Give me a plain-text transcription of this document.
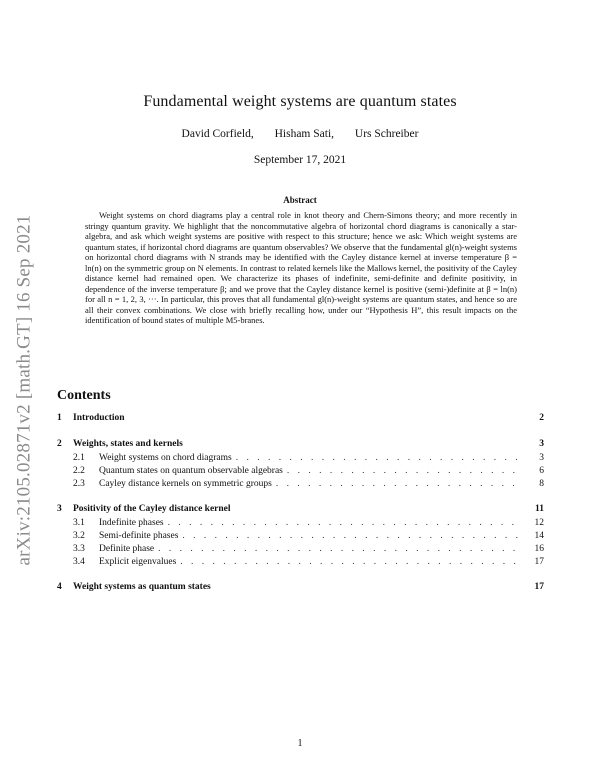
arXiv:2105.02871v2 [math.GT] 16 Sep 2021
Fundamental weight systems are quantum states
David Corfield, Hisham Sati, Urs Schreiber
September 17, 2021
Abstract

Weight systems on chord diagrams play a central role in knot theory and Chern-Simons theory; and more recently in stringy quantum gravity. We highlight that the noncommutative algebra of horizontal chord diagrams is canonically a star-algebra, and ask which weight systems are positive with respect to this structure; hence we ask: Which weight systems are quantum states, if horizontal chord diagrams are quantum observables? We observe that the fundamental gl(n)-weight systems on horizontal chord diagrams with N strands may be identified with the Cayley distance kernel at inverse temperature β = ln(n) on the symmetric group on N elements. In contrast to related kernels like the Mallows kernel, the positivity of the Cayley distance kernel had remained open. We characterize its phases of indefinite, semi-definite and definite positivity, in dependence of the inverse temperature β; and we prove that the Cayley distance kernel is positive (semi-)definite at β = ln(n) for all n = 1, 2, 3, ···. In particular, this proves that all fundamental gl(n)-weight systems are quantum states, and hence so are all their convex combinations. We close with briefly recalling how, under our “Hypothesis H”, this result impacts on the identification of bound states of multiple M5-branes.

Contents
1	Introduction	2
2	Weights, states and kernels	3
2.1	Weight systems on chord diagrams . . .	3
2.2	Quantum states on quantum observable algebras . . .	6
2.3	Cayley distance kernels on symmetric groups . . .	8
3	Positivity of the Cayley distance kernel	11
3.1	Indefinite phases . . .	12
3.2	Semi-definite phases . . .	14
3.3	Definite phase . . .	16
3.4	Explicit eigenvalues . . .	17
4	Weight systems as quantum states	17
1
